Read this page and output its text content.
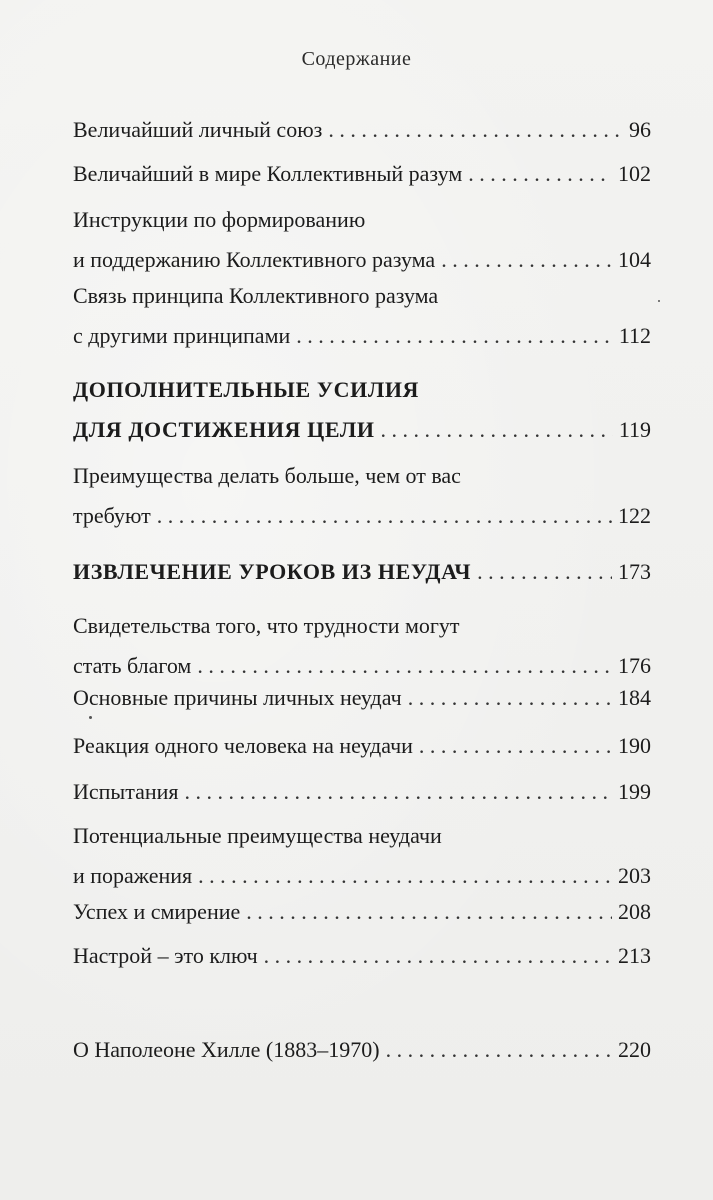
Содержание
Величайший личный союз . . .	96
Величайший в мире Коллективный разум . . .	102
Инструкции по формированию
и поддержанию Коллективного разума . . .	104
Связь принципа Коллективного разума
с другими принципами . . .	112
ДОПОЛНИТЕЛЬНЫЕ УСИЛИЯ
ДЛЯ ДОСТИЖЕНИЯ ЦЕЛИ . . .	119
Преимущества делать больше, чем от вас
требуют . . .	122
ИЗВЛЕЧЕНИЕ УРОКОВ ИЗ НЕУДАЧ . . .	173
Свидетельства того, что трудности могут
стать благом . . .	176
Основные причины личных неудач . . .	184
Реакция одного человека на неудачи . . .	190
Испытания . . .	199
Потенциальные преимущества неудачи
и поражения . . .	203
Успех и смирение . . .	208
Настрой – это ключ . . .	213
О Наполеоне Хилле (1883–1970) . . .	220
